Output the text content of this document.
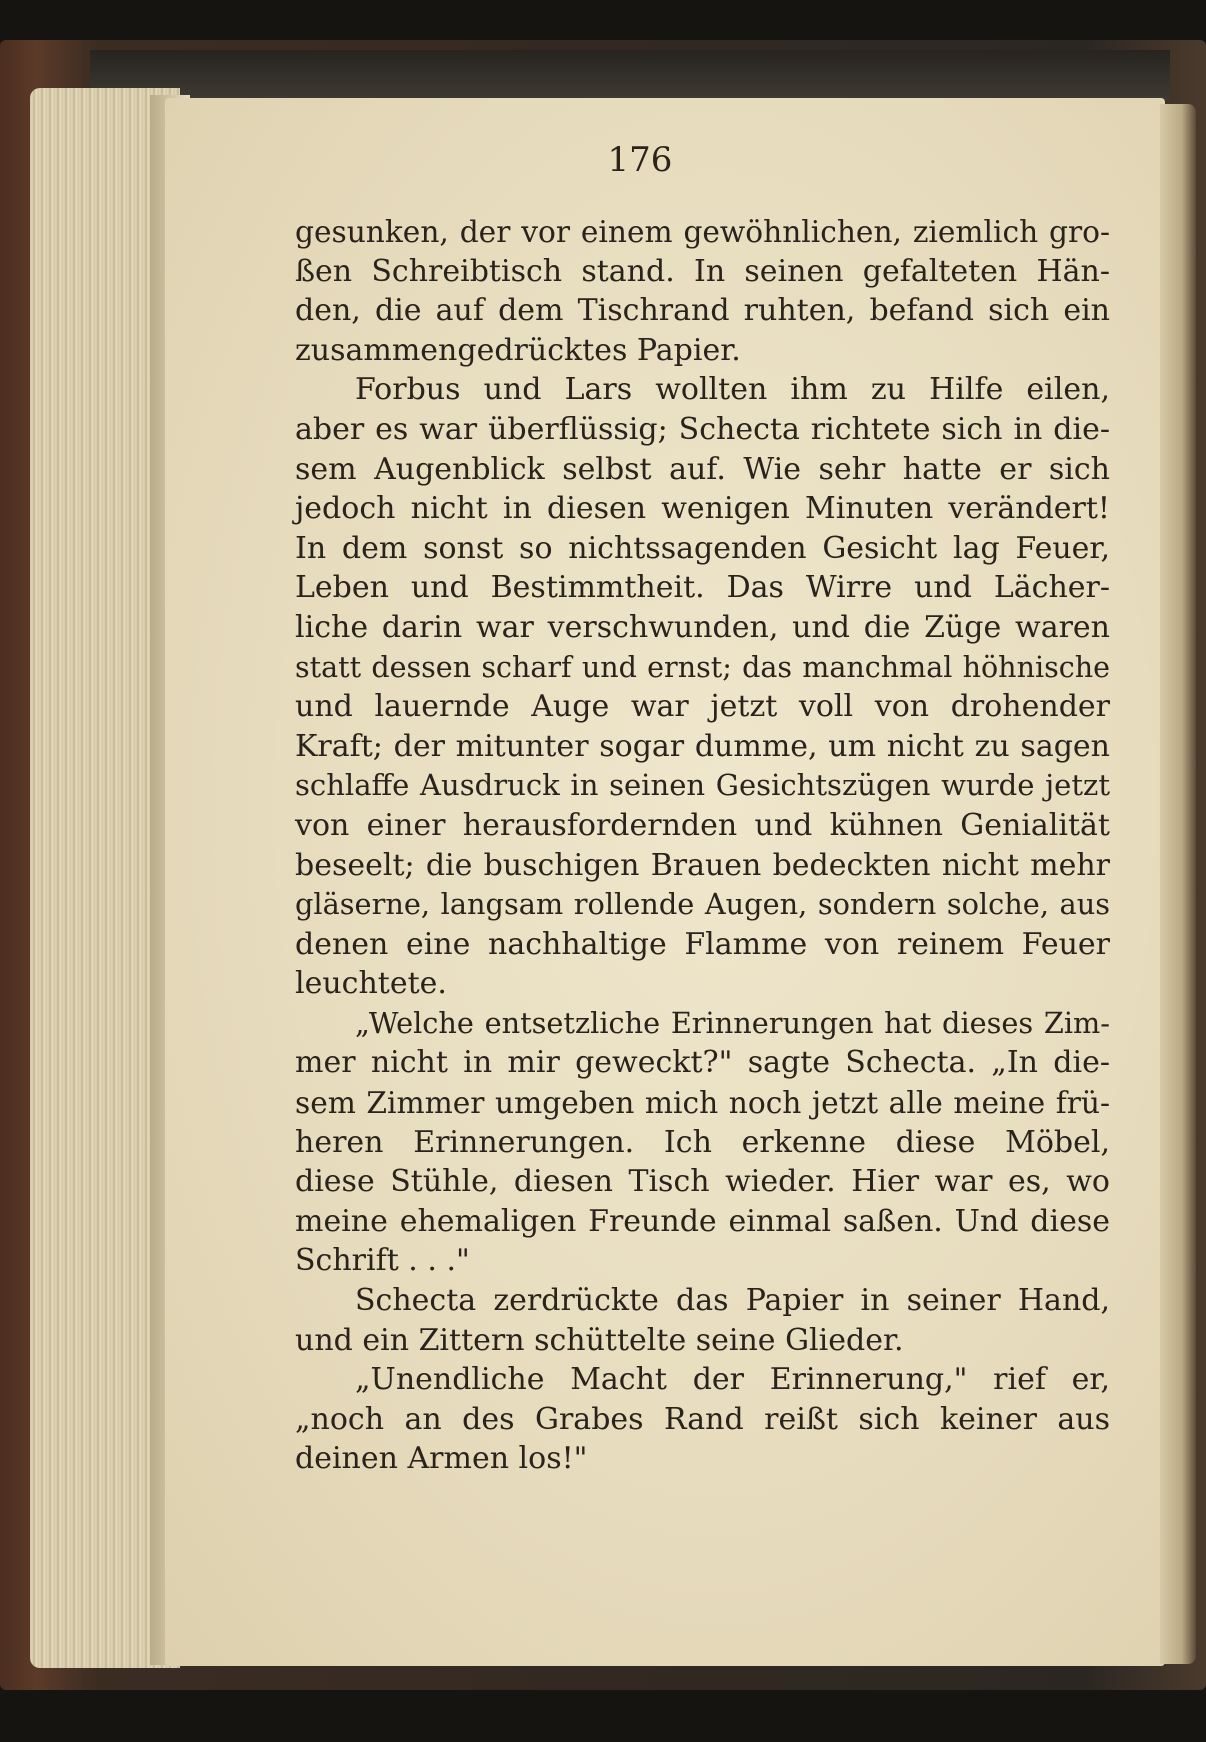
176
gesunken, der vor einem gewöhnlichen, ziemlich gro-
ßen Schreibtisch stand. In seinen gefalteten Hän-
den, die auf dem Tischrand ruhten, befand sich ein
zusammengedrücktes Papier.
Forbus und Lars wollten ihm zu Hilfe eilen,
aber es war überflüssig; Schecta richtete sich in die-
sem Augenblick selbst auf. Wie sehr hatte er sich
jedoch nicht in diesen wenigen Minuten verändert!
In dem sonst so nichtssagenden Gesicht lag Feuer,
Leben und Bestimmtheit. Das Wirre und Lächer-
liche darin war verschwunden, und die Züge waren
statt dessen scharf und ernst; das manchmal höhnische
und lauernde Auge war jetzt voll von drohender
Kraft; der mitunter sogar dumme, um nicht zu sagen
schlaffe Ausdruck in seinen Gesichtszügen wurde jetzt
von einer herausfordernden und kühnen Genialität
beseelt; die buschigen Brauen bedeckten nicht mehr
gläserne, langsam rollende Augen, sondern solche, aus
denen eine nachhaltige Flamme von reinem Feuer
leuchtete.
„Welche entsetzliche Erinnerungen hat dieses Zim-
mer nicht in mir geweckt?" sagte Schecta. „In die-
sem Zimmer umgeben mich noch jetzt alle meine frü-
heren Erinnerungen. Ich erkenne diese Möbel,
diese Stühle, diesen Tisch wieder. Hier war es, wo
meine ehemaligen Freunde einmal saßen. Und diese
Schrift . . ."
Schecta zerdrückte das Papier in seiner Hand,
und ein Zittern schüttelte seine Glieder.
„Unendliche Macht der Erinnerung," rief er,
„noch an des Grabes Rand reißt sich keiner aus
deinen Armen los!"
